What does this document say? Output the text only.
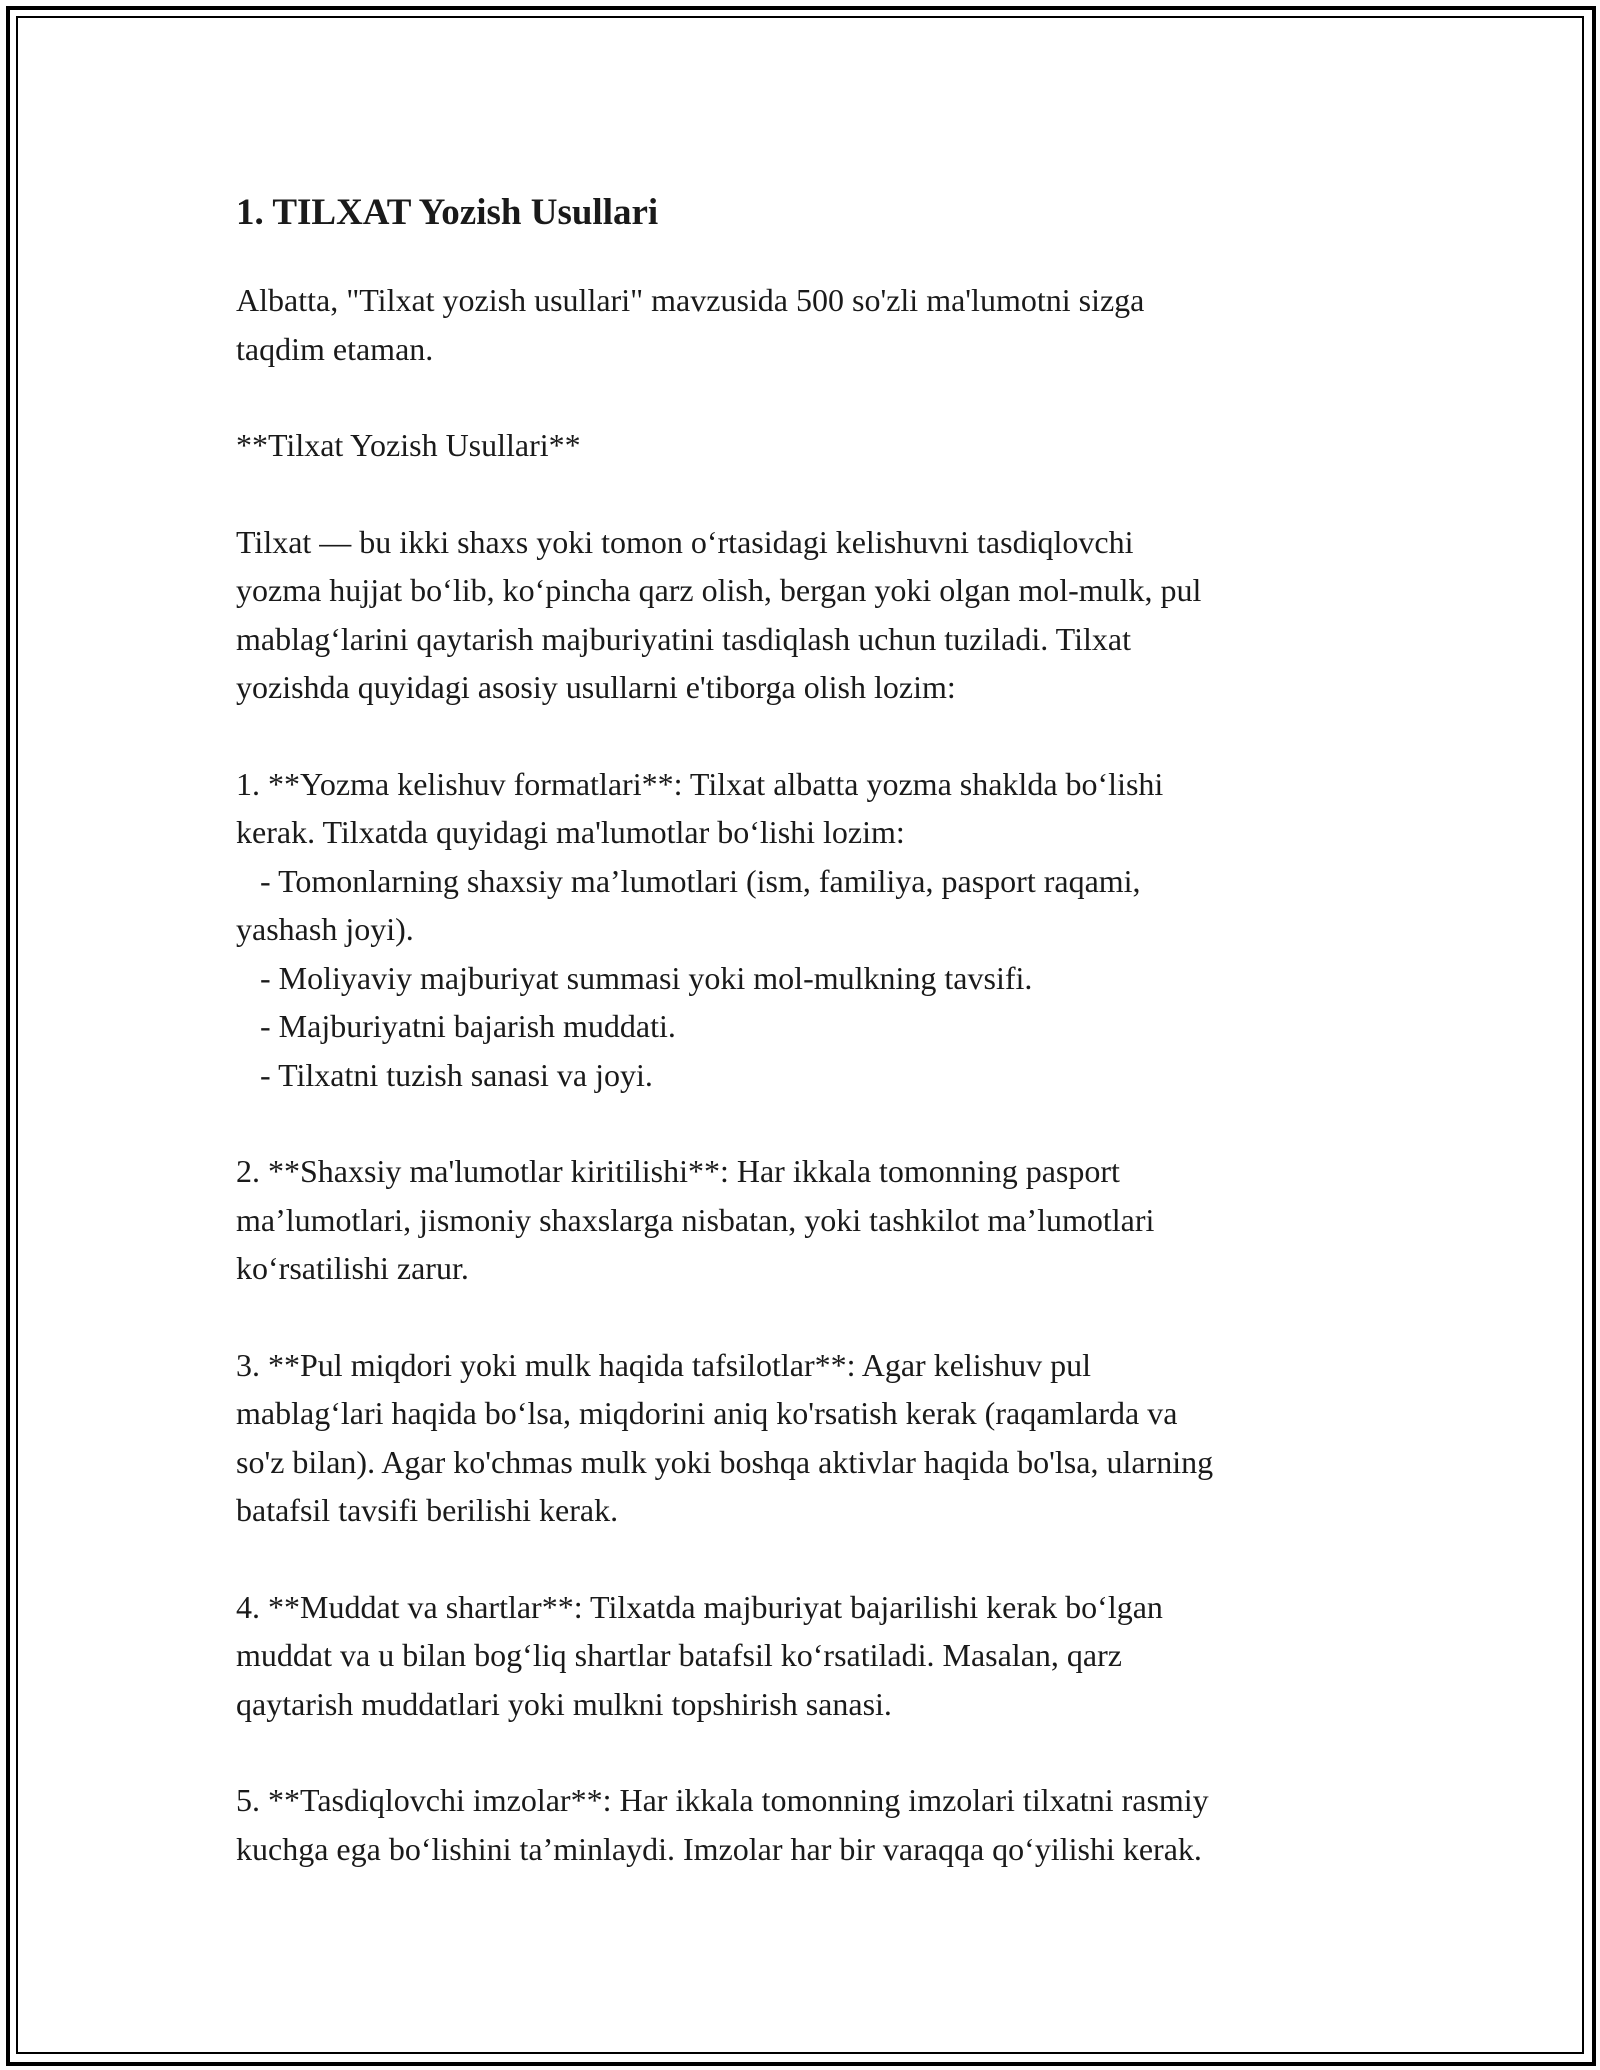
1. TILXAT Yozish Usullari

Albatta, "Tilxat yozish usullari" mavzusida 500 so'zli ma'lumotni sizga
taqdim etaman.

**Tilxat Yozish Usullari**

Tilxat — bu ikki shaxs yoki tomon oʻrtasidagi kelishuvni tasdiqlovchi
yozma hujjat boʻlib, koʻpincha qarz olish, bergan yoki olgan mol-mulk, pul
mablagʻlarini qaytarish majburiyatini tasdiqlash uchun tuziladi. Tilxat
yozishda quyidagi asosiy usullarni e'tiborga olish lozim:

1. **Yozma kelishuv formatlari**: Tilxat albatta yozma shaklda boʻlishi
kerak. Tilxatda quyidagi ma'lumotlar boʻlishi lozim:
- Tomonlarning shaxsiy ma’lumotlari (ism, familiya, pasport raqami,
yashash joyi).
- Moliyaviy majburiyat summasi yoki mol-mulkning tavsifi.
- Majburiyatni bajarish muddati.
- Tilxatni tuzish sanasi va joyi.

2. **Shaxsiy ma'lumotlar kiritilishi**: Har ikkala tomonning pasport
ma’lumotlari, jismoniy shaxslarga nisbatan, yoki tashkilot ma’lumotlari
koʻrsatilishi zarur.

3. **Pul miqdori yoki mulk haqida tafsilotlar**: Agar kelishuv pul
mablagʻlari haqida boʻlsa, miqdorini aniq ko'rsatish kerak (raqamlarda va
so'z bilan). Agar ko'chmas mulk yoki boshqa aktivlar haqida bo'lsa, ularning
batafsil tavsifi berilishi kerak.

4. **Muddat va shartlar**: Tilxatda majburiyat bajarilishi kerak boʻlgan
muddat va u bilan bogʻliq shartlar batafsil koʻrsatiladi. Masalan, qarz
qaytarish muddatlari yoki mulkni topshirish sanasi.

5. **Tasdiqlovchi imzolar**: Har ikkala tomonning imzolari tilxatni rasmiy
kuchga ega boʻlishini ta’minlaydi. Imzolar har bir varaqqa qoʻyilishi kerak.
